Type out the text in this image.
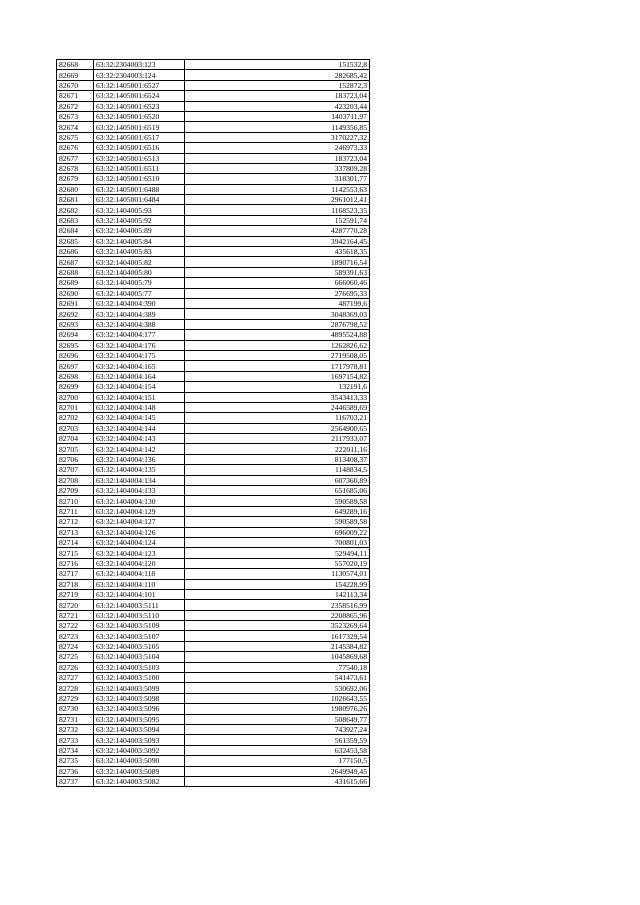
82668	63:32:2304003:123	151532,8
82669	63:32:2304003:124	282685,42
82670	63:32:1405001:6527	152872,3
82671	63:32:1405001:6524	183723,04
82672	63:32:1405001:6523	423203,44
82673	63:32:1405001:6520	1403711,97
82674	63:32:1405001:6519	1149356,85
82675	63:32:1405001:6517	3170227,32
82676	63:32:1405001:6516	246973,33
82677	63:32:1405001:6513	183723,04
82678	63:32:1405001:6511	337809,28
82679	63:32:1405001:6510	318301,77
82680	63:32:1405001:6488	1142553,63
82681	63:32:1405001:6484	2961012,41
82682	63:32:1404005:93	1168523,35
82683	63:32:1404005:92	152591,74
82684	63:32:1404005:89	4287770,28
82685	63:32:1404005:84	3942164,45
82686	63:32:1404005:83	435618,35
82687	63:32:1404005:82	1890716,54
82688	63:32:1404005:80	589391,63
82689	63:32:1404005:79	666060,46
82690	63:32:1404005:77	276695,33
82691	63:32:1404004:390	487199,6
82692	63:32:1404004:389	3048369,03
82693	63:32:1404004:388	2876798,52
82694	63:32:1404004:177	4895524,88
82695	63:32:1404004:176	1262826,62
82696	63:32:1404004:175	2719508,05
82697	63:32:1404004:165	1717978,81
82698	63:32:1404004:164	1697154,82
82699	63:32:1404004:154	132191,6
82700	63:32:1404004:151	3543413,33
82701	63:32:1404004:148	2446589,69
82702	63:32:1404004:145	116703,21
82703	63:32:1404004:144	2564900,65
82704	63:32:1404004:143	2117933,07
82705	63:32:1404004:142	222011,16
82706	63:32:1404004:136	813408,37
82707	63:32:1404004:135	1148834,5
82708	63:32:1404004:134	607360,89
82709	63:32:1404004:133	651685,06
82710	63:32:1404004:130	590589,58
82711	63:32:1404004:129	649289,16
82712	63:32:1404004:127	590589,58
82713	63:32:1404004:126	696009,22
82714	63:32:1404004:124	700801,03
82715	63:32:1404004:123	529494,11
82716	63:32:1404004:120	557020,19
82717	63:32:1404004:118	1130574,01
82718	63:32:1404004:110	154228,99
82719	63:32:1404004:101	142113,34
82720	63:32:1404003:5111	2358516,99
82721	63:32:1404003:5110	2208865,96
82722	63:32:1404003:5109	3523269,64
82723	63:32:1404003:5107	1617329,54
82724	63:32:1404003:5105	2145384,82
82725	63:32:1404003:5104	1045869,68
82726	63:32:1404003:5103	77540,18
82727	63:32:1404003:5100	541473,61
82728	63:32:1404003:5099	530692,06
82729	63:32:1404003:5098	1026643,55
82730	63:32:1404003:5096	1980976,26
82731	63:32:1404003:5095	508649,77
82732	63:32:1404003:5094	743927,24
82733	63:32:1404003:5093	561359,59
82734	63:32:1404003:5092	632453,58
82735	63:32:1404003:5090	177150,5
82736	63:32:1404003:5089	2649949,45
82737	63:32:1404003:5082	431615,66
